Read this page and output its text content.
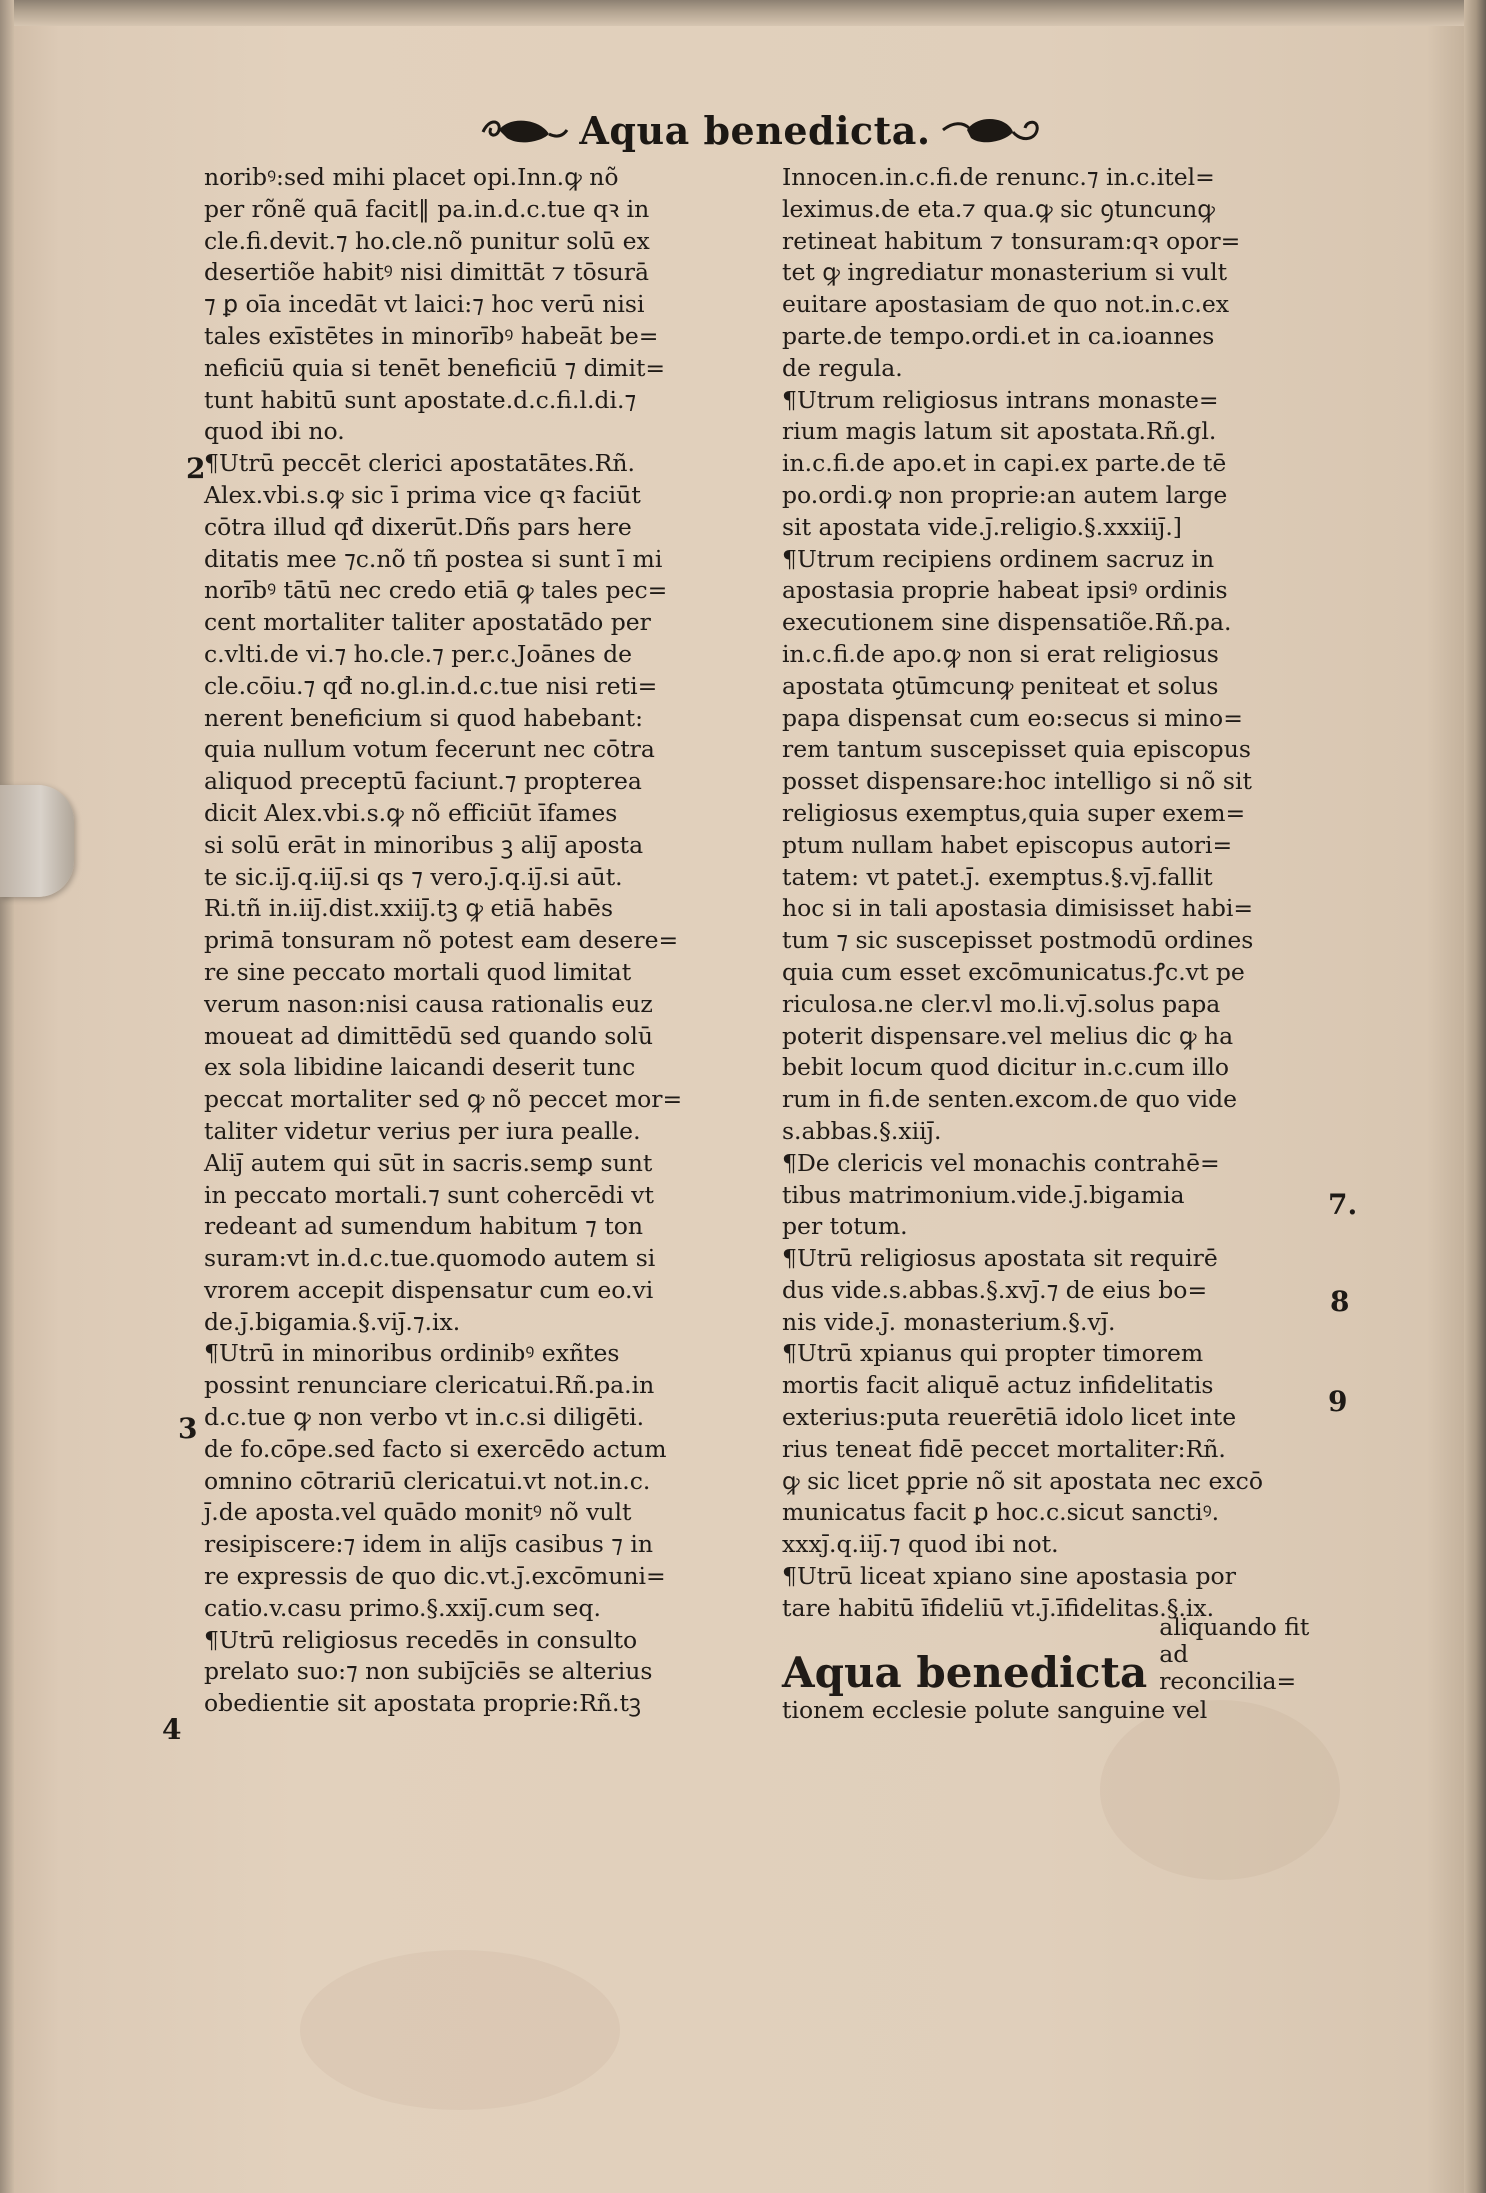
Aqua benedicta.
noribꝰ:sed mihi placet opi.Inn.ꝙ nõ
per rõnẽ quā facit‖ pa.in.d.c.tue qꝛ in
cle.fi.devit.⁊ ho.cle.nõ punitur solū ex
desertiõe habitꝰ nisi dimittāt ⁊ tōsurā
⁊ ꝑ oīa incedāt vt laici:⁊ hoc verū nisi
tales exīstētes in minorībꝰ habeāt be=
neficiū quia si tenēt beneficiū ⁊ dimit=
tunt habitū sunt apostate.d.c.fi.l.di.⁊
quod ibi no.
¶Utrū peccēt clerici apostatātes.Rñ.
Alex.vbi.s.ꝙ sic ī prima vice qꝛ faciūt
cōtra illud qđ dixerūt.Dñs pars here
ditatis mee ⁊c.nõ tñ postea si sunt ī mi
norībꝰ tātū nec credo etiā ꝙ tales pec=
cent mortaliter taliter apostatādo per
c.vlti.de vi.⁊ ho.cle.⁊ per.c.Joānes de
cle.cōiu.⁊ qđ no.gl.in.d.c.tue nisi reti=
nerent beneficium si quod habebant:
quia nullum votum fecerunt nec cōtra
aliquod preceptū faciunt.⁊ propterea
dicit Alex.vbi.s.ꝙ nõ efficiūt īfames
si solū erāt in minoribus ꝫ aliȷ̄ aposta
te sic.iȷ̄.q.iiȷ̄.si qs ⁊ vero.ȷ̄.q.iȷ̄.si aūt.
Ri.tñ in.iiȷ̄.dist.xxiiȷ̄.tꝫ ꝙ etiā habēs
primā tonsuram nõ potest eam desere=
re sine peccato mortali quod limitat
verum nason:nisi causa rationalis euz
moueat ad dimittēdū sed quando solū
ex sola libidine laicandi deserit tunc
peccat mortaliter sed ꝙ nõ peccet mor=
taliter videtur verius per iura pealle.
Aliȷ̄ autem qui sūt in sacris.semꝑ sunt
in peccato mortali.⁊ sunt cohercēdi vt
redeant ad sumendum habitum ⁊ ton
suram:vt in.d.c.tue.quomodo autem si
vrorem accepit dispensatur cum eo.vi
de.ȷ̄.bigamia.§.viȷ̄.⁊.ix.
¶Utrū in minoribus ordinibꝰ exñtes
possint renunciare clericatui.Rñ.pa.in
d.c.tue ꝙ non verbo vt in.c.si diligēti.
de fo.cōpe.sed facto si exercēdo actum
omnino cōtrariū clericatui.vt not.in.c.
ȷ̄.de aposta.vel quādo monitꝰ nõ vult
resipiscere:⁊ idem in aliȷ̄s casibus ⁊ in
re expressis de quo dic.vt.ȷ̄.excōmuni=
catio.v.casu primo.§.xxiȷ̄.cum seq.
¶Utrū religiosus recedēs in consulto
prelato suo:⁊ non subiȷ̄ciēs se alterius
obedientie sit apostata proprie:Rñ.tꝫ
Innocen.in.c.fi.de renunc.⁊ in.c.itel=
leximus.de eta.⁊ qua.ꝙ sic ꝯtuncunꝙ
retineat habitum ⁊ tonsuram:qꝛ opor=
tet ꝙ ingrediatur monasterium si vult
euitare apostasiam de quo not.in.c.ex
parte.de tempo.ordi.et in ca.ioannes
de regula.
¶Utrum religiosus intrans monaste=
rium magis latum sit apostata.Rñ.gl.
in.c.fi.de apo.et in capi.ex parte.de tē
po.ordi.ꝙ non proprie:an autem large
sit apostata vide.ȷ̄.religio.§.xxxiiȷ̄.]
¶Utrum recipiens ordinem sacruz in
apostasia proprie habeat ipsiꝰ ordinis
executionem sine dispensatiõe.Rñ.pa.
in.c.fi.de apo.ꝙ non si erat religiosus
apostata ꝯtūmcunꝙ peniteat et solus
papa dispensat cum eo:secus si mino=
rem tantum suscepisset quia episcopus
posset dispensare:hoc intelligo si nõ sit
religiosus exemptus,quia super exem=
ptum nullam habet episcopus autori=
tatem: vt patet.ȷ̄. exemptus.§.vȷ̄.fallit
hoc si in tali apostasia dimisisset habi=
tum ⁊ sic suscepisset postmodū ordines
quia cum esset excōmunicatus.ꝭc.vt pe
riculosa.ne cler.vl mo.li.vȷ̄.solus papa
poterit dispensare.vel melius dic ꝙ ha
bebit locum quod dicitur in.c.cum illo
rum in fi.de senten.excom.de quo vide
s.abbas.§.xiiȷ̄.
¶De clericis vel monachis contrahē=
tibus matrimonium.vide.ȷ̄.bigamia
per totum.
¶Utrū religiosus apostata sit requirē
dus vide.s.abbas.§.xvȷ̄.⁊ de eius bo=
nis vide.ȷ̄. monasterium.§.vȷ̄.
¶Utrū xpianus qui propter timorem
mortis facit aliquē actuz infidelitatis
exterius:puta reuerētiā idolo licet inte
rius teneat fidē peccet mortaliter:Rñ.
ꝙ sic licet ꝑprie nõ sit apostata nec excō
municatus facit ꝑ hoc.c.sicut sanctiꝰ.
xxxȷ̄.q.iiȷ̄.⁊ quod ibi not.
¶Utrū liceat xpiano sine apostasia por
tare habitū īfideliū vt.ȷ̄.īfidelitas.§.ix.
Aqua benedicta
aliquando fit
ad reconcilia=
tionem ecclesie polute sanguine vel
2
3
4
7.
8
9
